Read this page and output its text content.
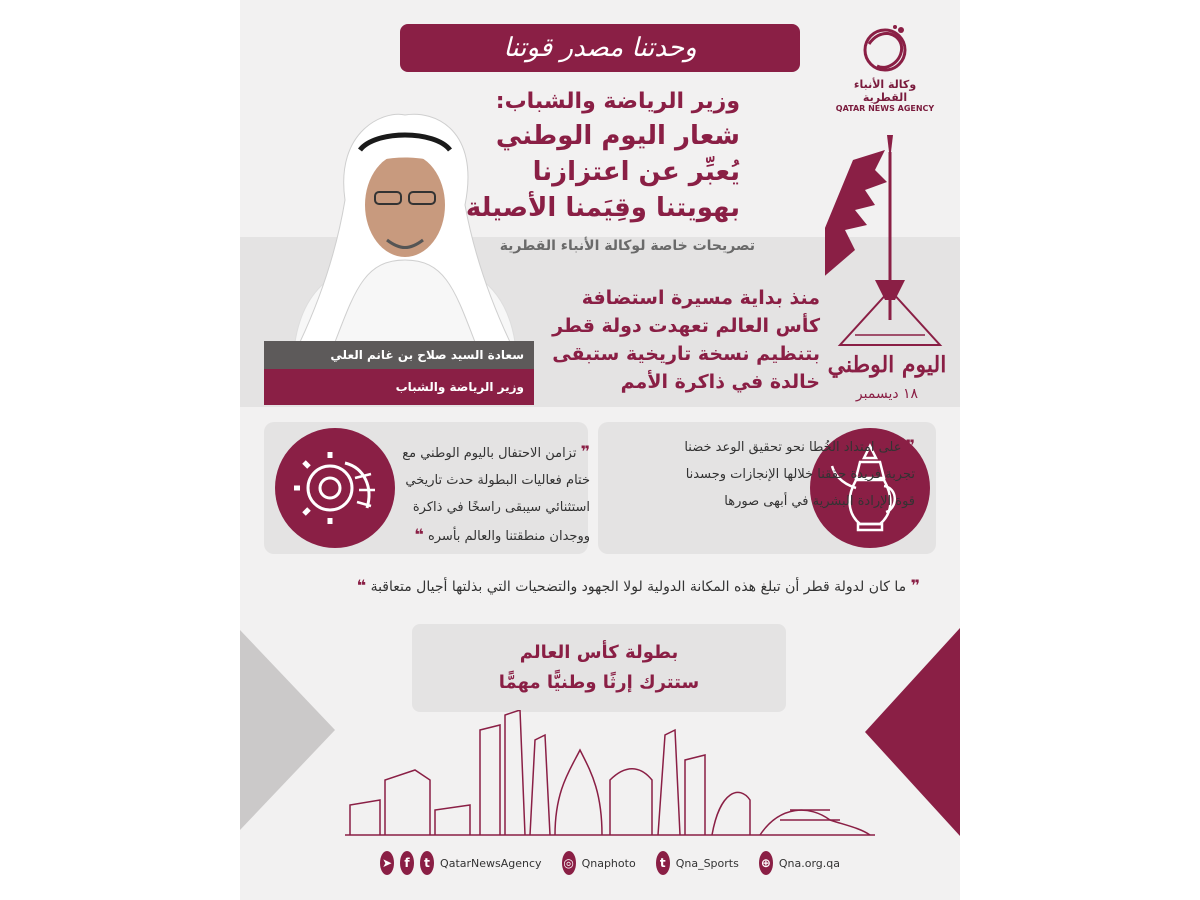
وحدتنا مصدر قوتنا
وكالة الأنباء القطرية
QATAR NEWS AGENCY
وزير الرياضة والشباب:
شعار اليوم الوطني
يُعبِّر عن اعتزازنا
بهويتنا وقِيَمنا الأصيلة
تصريحات خاصة لوكالة الأنباء القطرية
سعادة السيد صلاح بن غانم العلي
وزير الرياضة والشباب
منذ بداية مسيرة استضافة كأس العالم تعهدت دولة قطر بتنظيم نسخة تاريخية ستبقى خالدة في ذاكرة الأمم
اليوم الوطني
١٨ ديسمبر
❞ على امتداد الخُطا نحو تحقيق الوعد خضنا تجربة فريدة حققنا خلالها الإنجازات وجسدنا قوة الإرادة البشرية في أبهى صورها
❞ تزامن الاحتفال باليوم الوطني مع ختام فعاليات البطولة حدث تاريخي استثنائي سيبقى راسخًا في ذاكرة ووجدان منطقتنا والعالم بأسره ❝
❞ ما كان لدولة قطر أن تبلغ هذه المكانة الدولية لولا الجهود والتضحيات التي بذلتها أجيال متعاقبة ❝
بطولة كأس العالم
ستترك إرثًا وطنيًّا مهمًّا
➤	f	t QatarNewsAgency ◎ Qnaphoto	t Qna_Sports ⊕ Qna.org.qa
